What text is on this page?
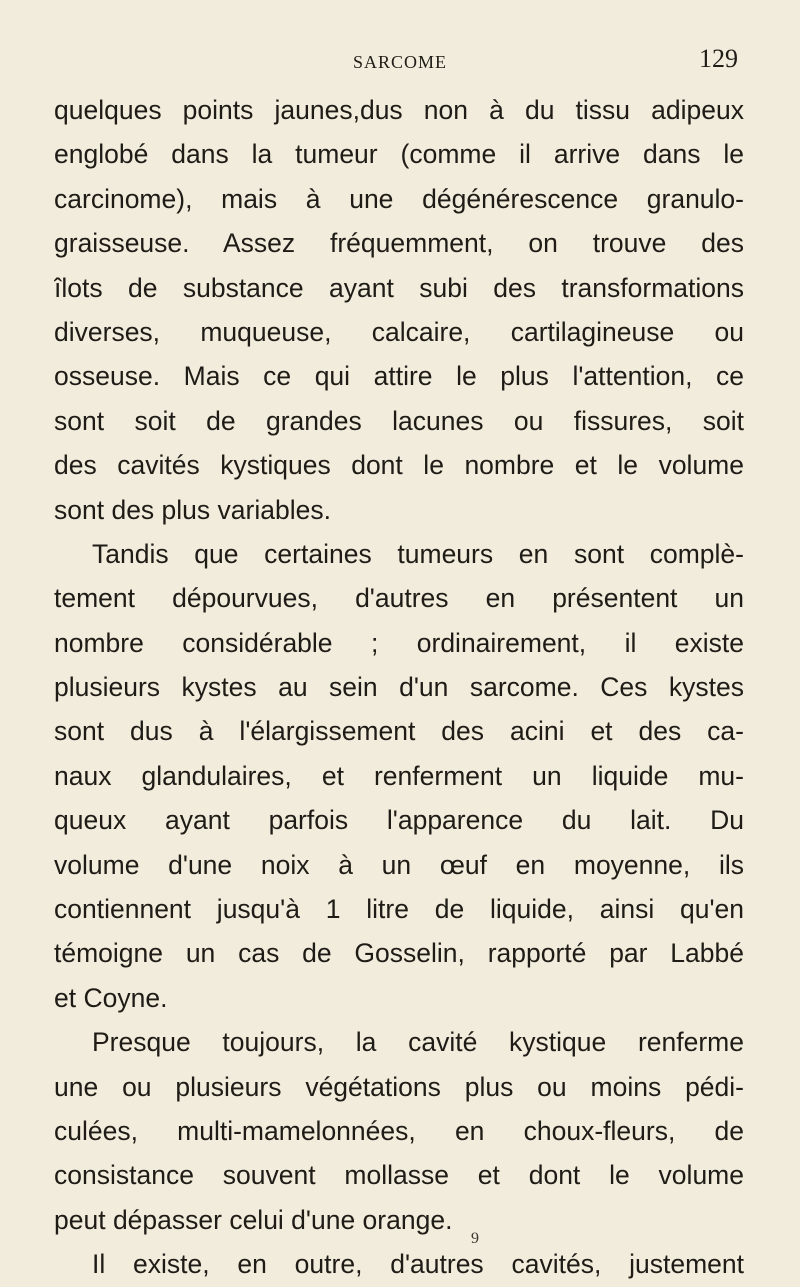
SARCOME	129
quelques points jaunes,dus non à du tissu adipeux
englobé dans la tumeur (comme il arrive dans le
carcinome), mais à une dégénérescence granulo-
graisseuse. Assez fréquemment, on trouve des
îlots de substance ayant subi des transformations
diverses, muqueuse, calcaire, cartilagineuse ou
osseuse. Mais ce qui attire le plus l'attention, ce
sont soit de grandes lacunes ou fissures, soit
des cavités kystiques dont le nombre et le volume
sont des plus variables.
Tandis que certaines tumeurs en sont complè-
tement dépourvues, d'autres en présentent un
nombre considérable ; ordinairement, il existe
plusieurs kystes au sein d'un sarcome. Ces kystes
sont dus à l'élargissement des acini et des ca-
naux glandulaires, et renferment un liquide mu-
queux ayant parfois l'apparence du lait. Du
volume d'une noix à un œuf en moyenne, ils
contiennent jusqu'à 1 litre de liquide, ainsi qu'en
témoigne un cas de Gosselin, rapporté par Labbé
et Coyne.
Presque toujours, la cavité kystique renferme
une ou plusieurs végétations plus ou moins pédi-
culées, multi-mamelonnées, en choux-fleurs, de
consistance souvent mollasse et dont le volume
peut dépasser celui d'une orange.
Il existe, en outre, d'autres cavités, justement
9
